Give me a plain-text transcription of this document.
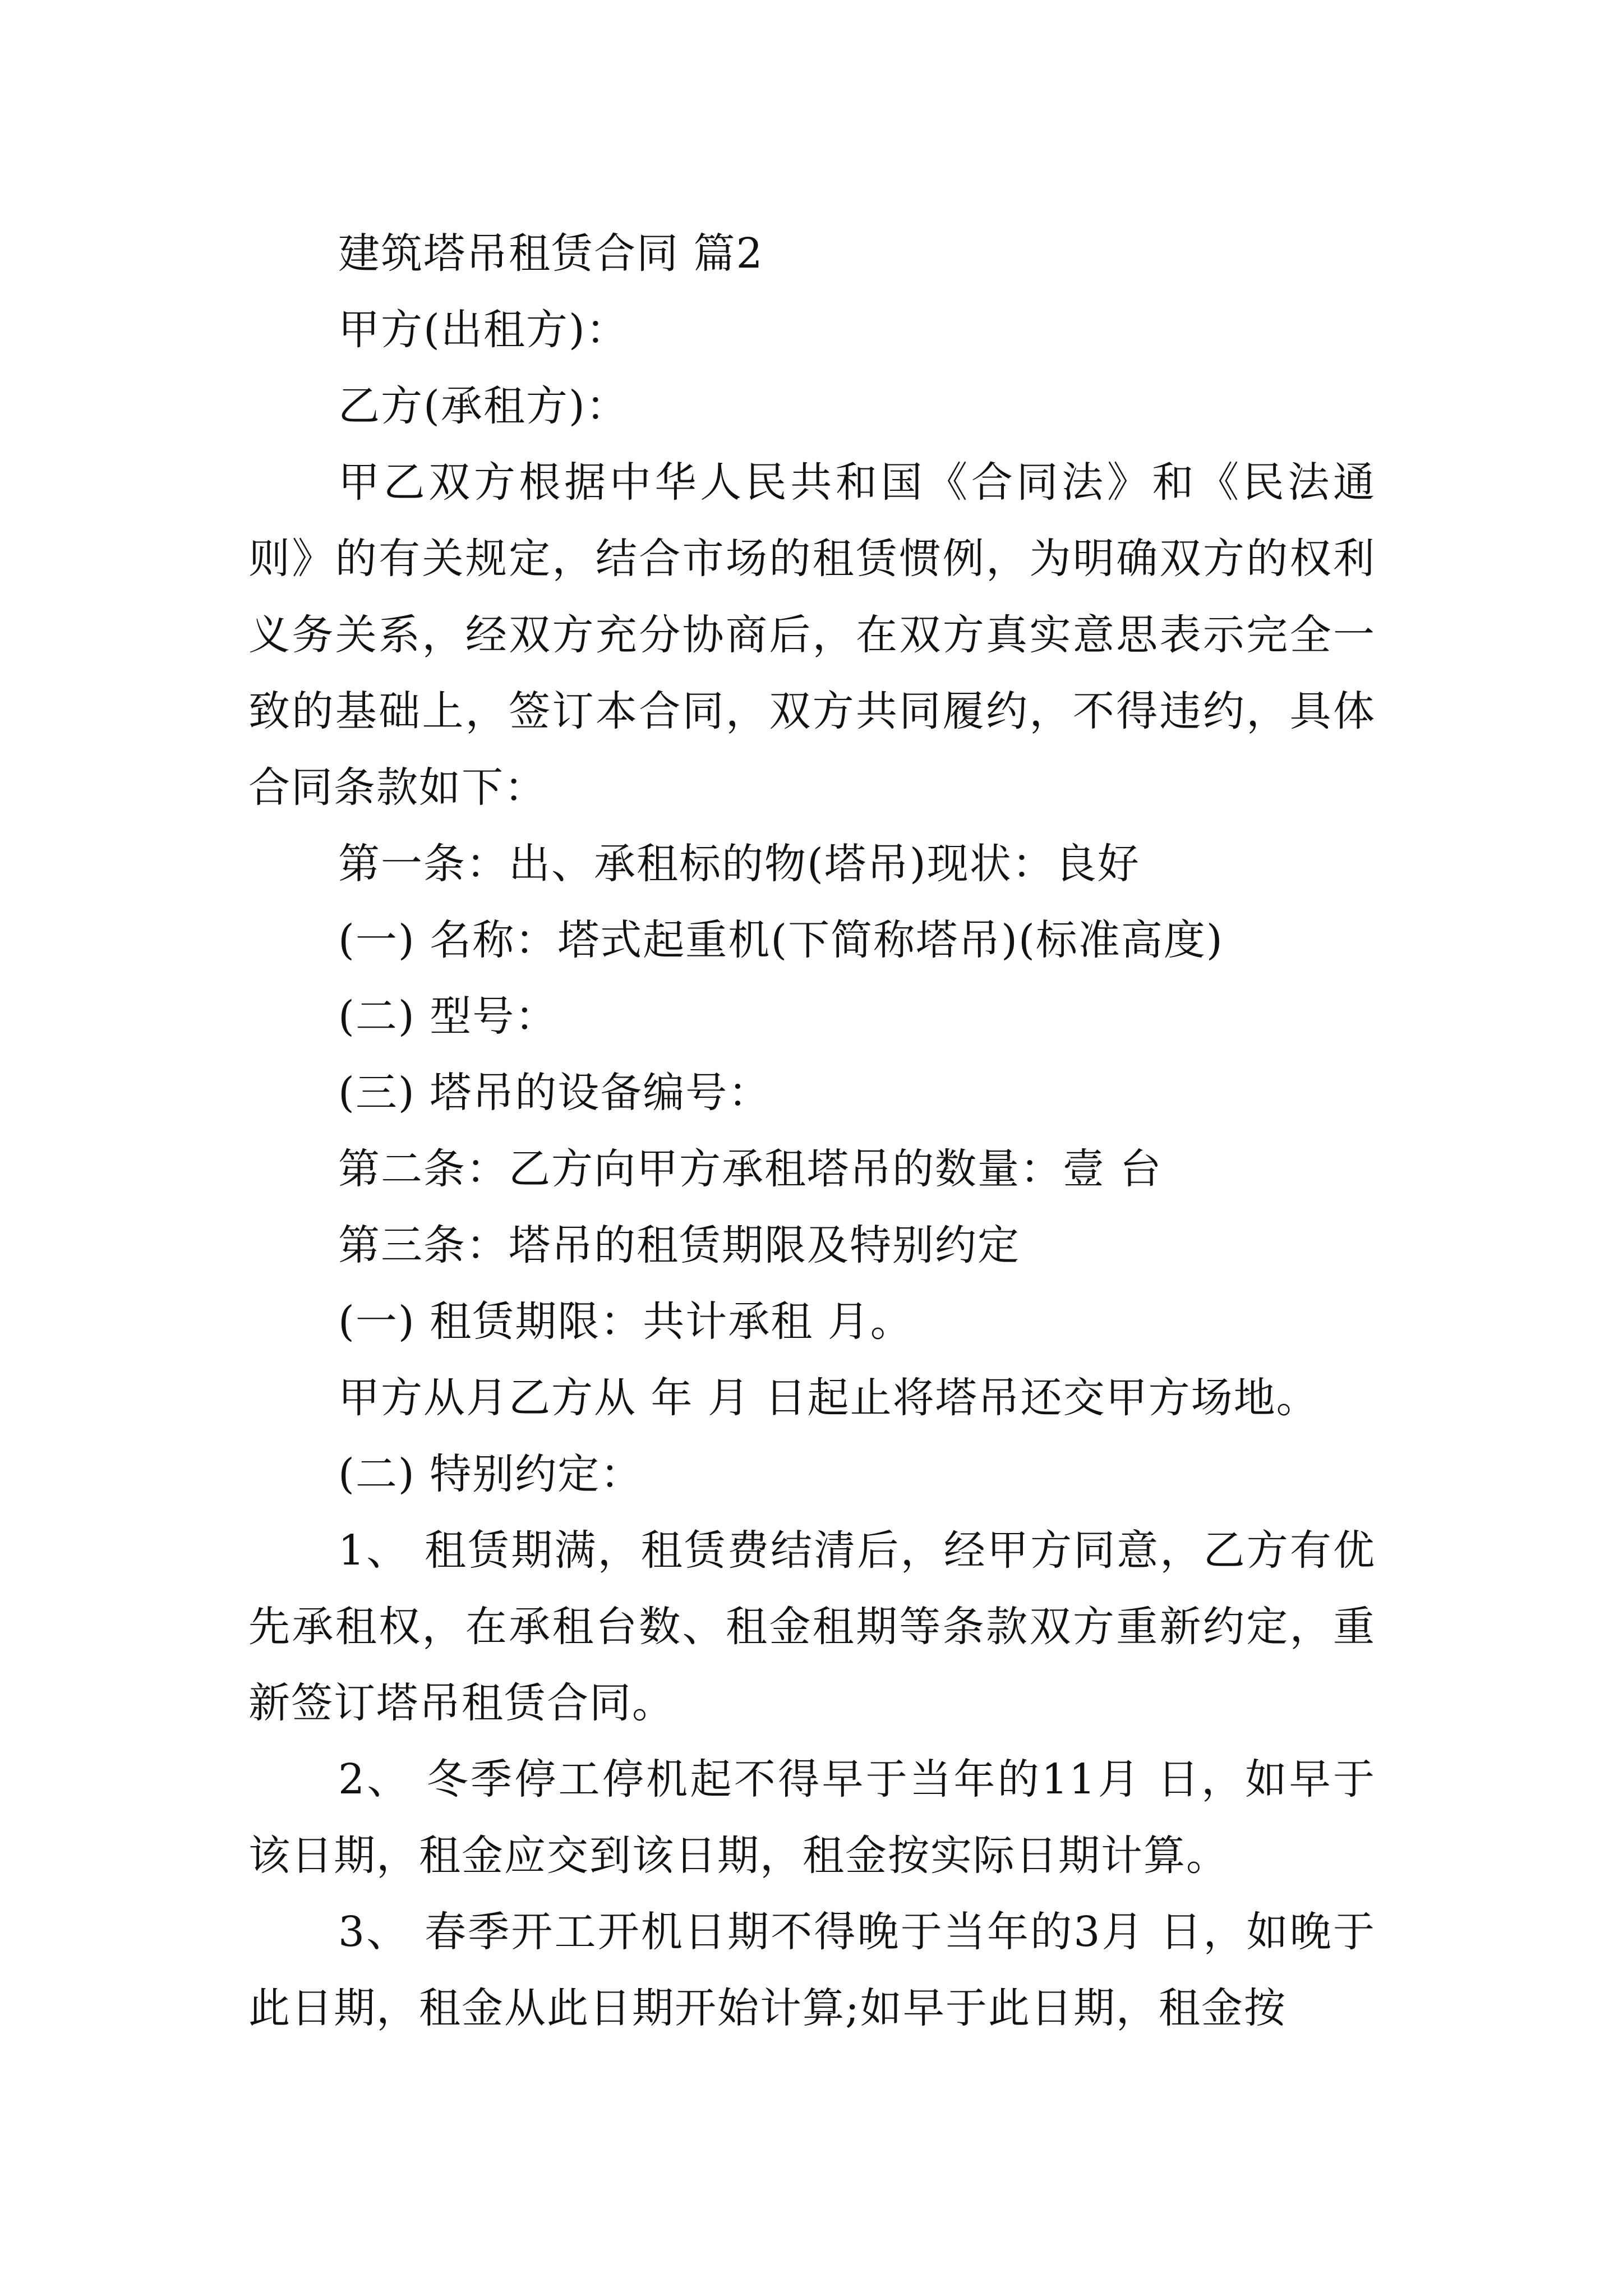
建筑塔吊租赁合同 篇2

甲方(出租方)：

乙方(承租方)：

甲乙双方根据中华人民共和国《合同法》和《民法通则》的有关规定，结合市场的租赁惯例，为明确双方的权利义务关系，经双方充分协商后，在双方真实意思表示完全一致的基础上，签订本合同，双方共同履约，不得违约，具体合同条款如下：

第一条：出、承租标的物(塔吊)现状：良好

(一) 名称：塔式起重机(下简称塔吊)(标准高度)

(二) 型号：

(三) 塔吊的设备编号：

第二条：乙方向甲方承租塔吊的数量：壹 台

第三条：塔吊的租赁期限及特别约定

(一) 租赁期限：共计承租 月。

甲方从月乙方从 年 月 日起止将塔吊还交甲方场地。

(二) 特别约定：

1、 租赁期满，租赁费结清后，经甲方同意，乙方有优先承租权，在承租台数、租金租期等条款双方重新约定，重新签订塔吊租赁合同。

2、 冬季停工停机起不得早于当年的11月 日，如早于该日期，租金应交到该日期，租金按实际日期计算。

3、 春季开工开机日期不得晚于当年的3月 日，如晚于此日期，租金从此日期开始计算;如早于此日期，租金按
